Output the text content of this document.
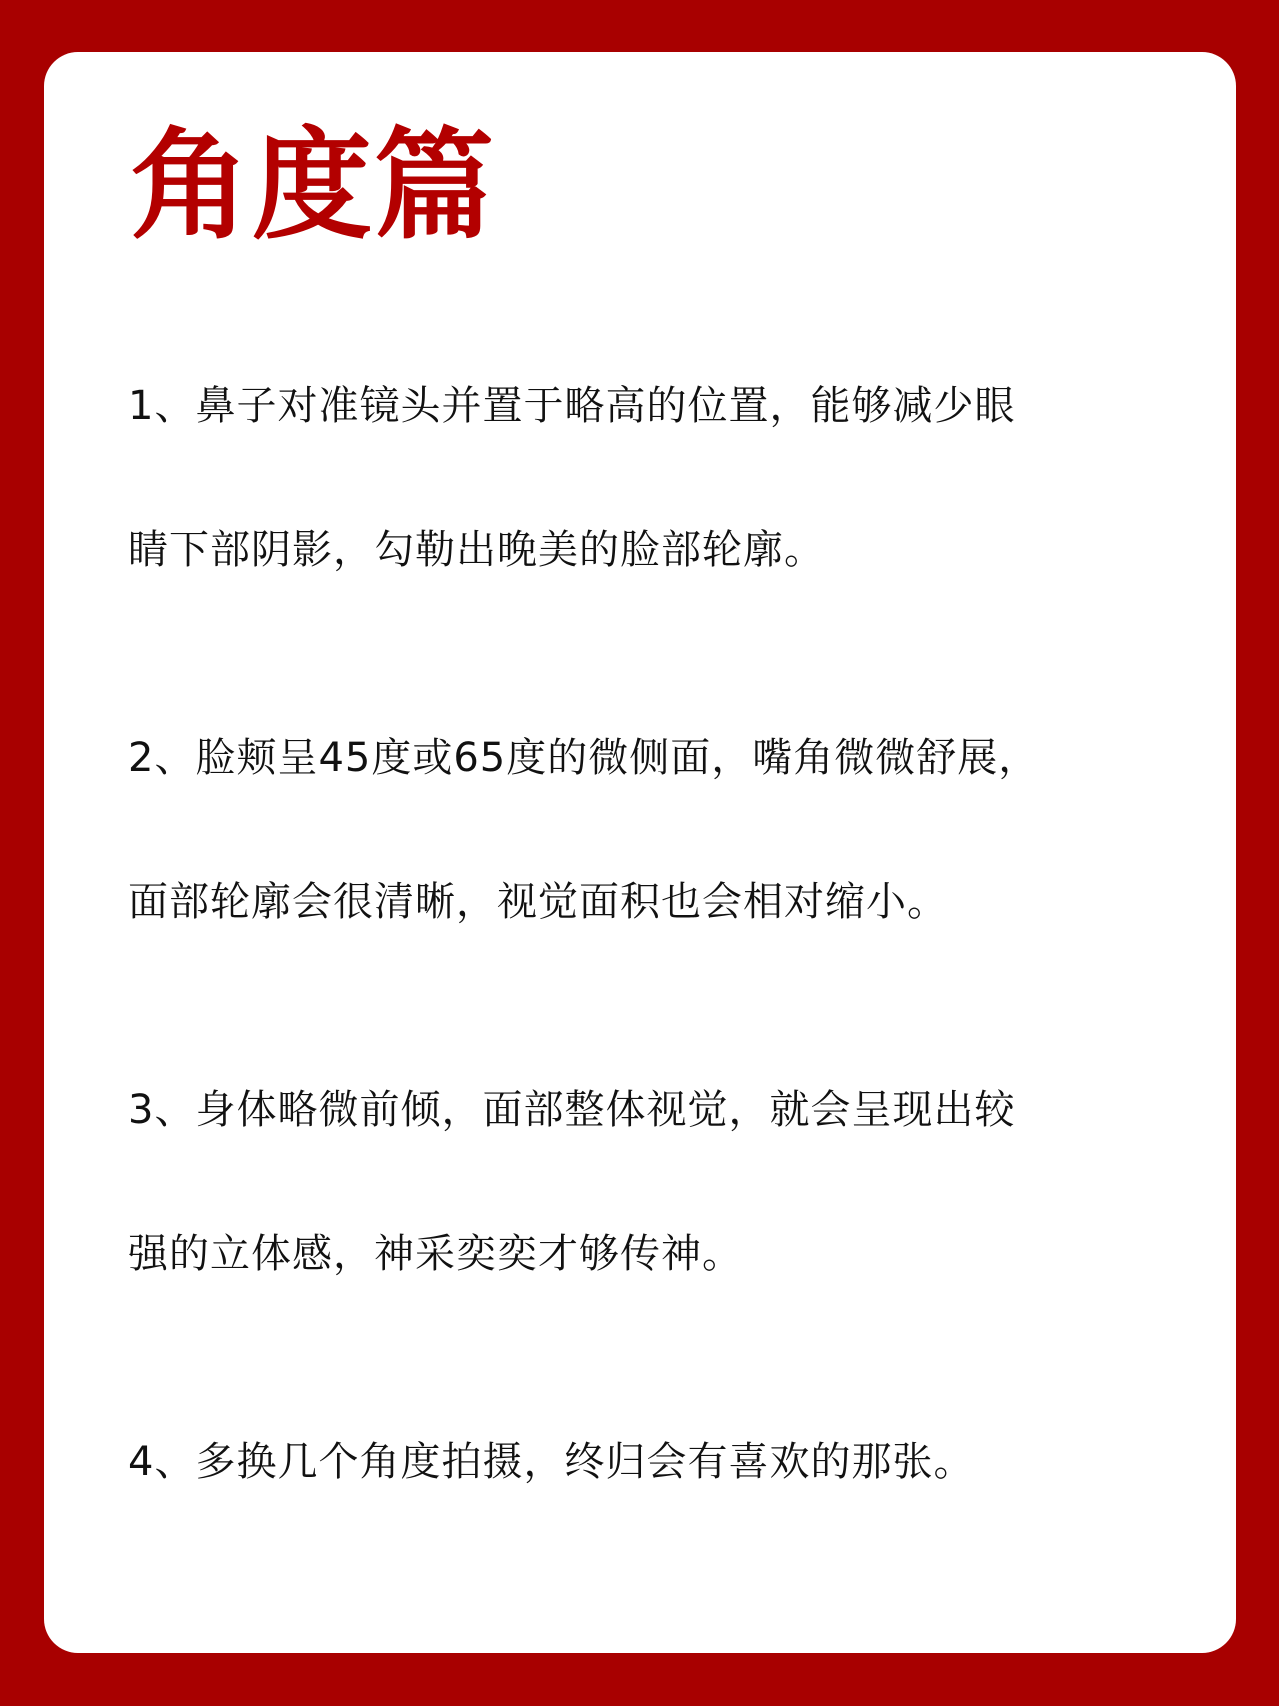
角度篇

1、鼻子对准镜头并置于略高的位置，能够减少眼
睛下部阴影，勾勒出晚美的脸部轮廓。

2、脸颊呈45度或65度的微侧面，嘴角微微舒展，
面部轮廓会很清晰，视觉面积也会相对缩小。

3、身体略微前倾，面部整体视觉，就会呈现出较
强的立体感，神采奕奕才够传神。

4、多换几个角度拍摄，终归会有喜欢的那张。
